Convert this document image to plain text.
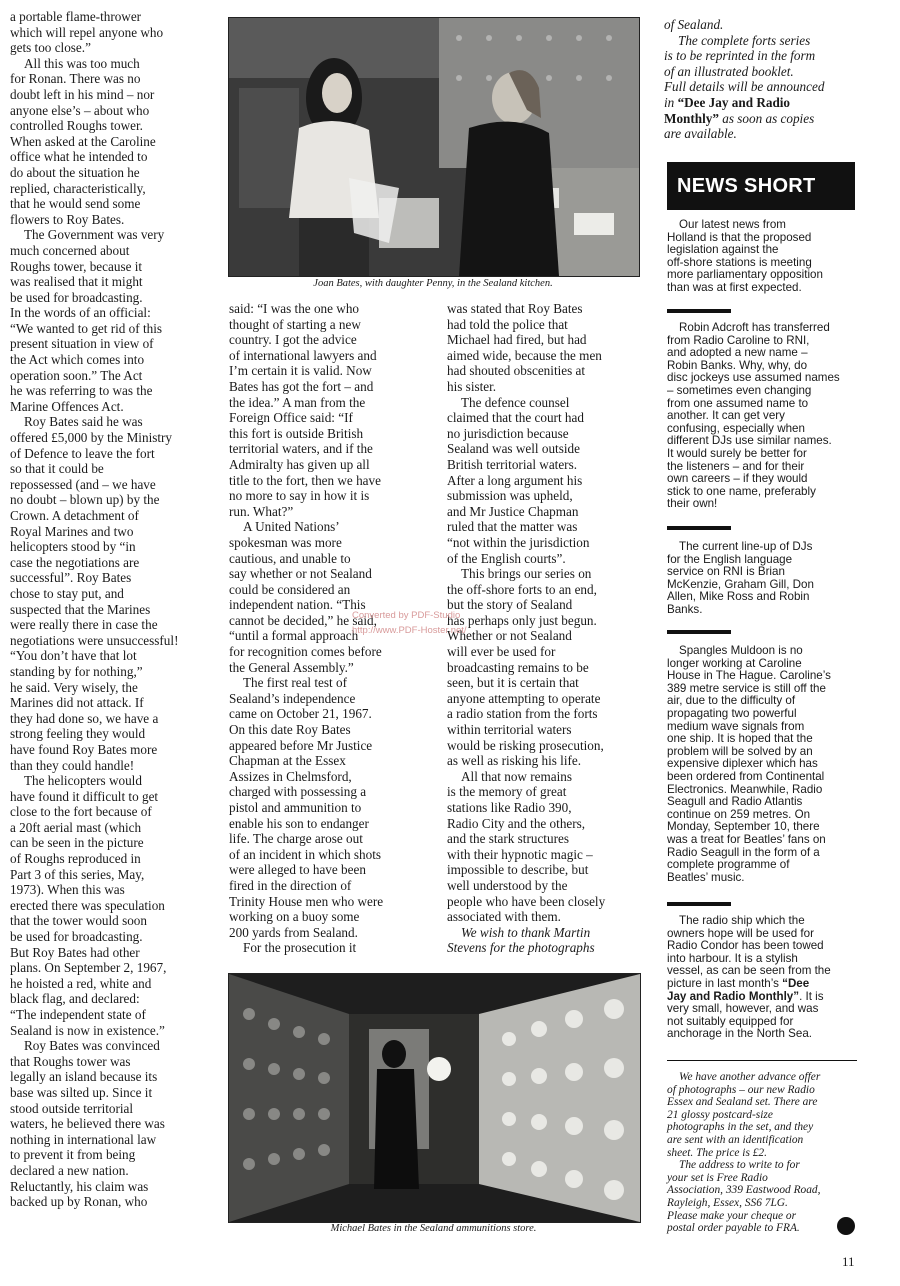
a portable flame-thrower
which will repel anyone who
gets too close.”

All this was too much
for Ronan. There was no
doubt left in his mind – nor
anyone else’s – about who
controlled Roughs tower.
When asked at the Caroline
office what he intended to
do about the situation he
replied, characteristically,
that he would send some
flowers to Roy Bates.

The Government was very
much concerned about
Roughs tower, because it
was realised that it might
be used for broadcasting.
In the words of an official:
“We wanted to get rid of this
present situation in view of
the Act which comes into
operation soon.” The Act
he was referring to was the
Marine Offences Act.

Roy Bates said he was
offered £5,000 by the Ministry
of Defence to leave the fort
so that it could be
repossessed (and – we have
no doubt – blown up) by the
Crown. A detachment of
Royal Marines and two
helicopters stood by “in
case the negotiations are
successful”. Roy Bates
chose to stay put, and
suspected that the Marines
were really there in case the
negotiations were unsuccessful!
“You don’t have that lot
standing by for nothing,”
he said. Very wisely, the
Marines did not attack. If
they had done so, we have a
strong feeling they would
have found Roy Bates more
than they could handle!

The helicopters would
have found it difficult to get
close to the fort because of
a 20ft aerial mast (which
can be seen in the picture
of Roughs reproduced in
Part 3 of this series, May,
1973). When this was
erected there was speculation
that the tower would soon
be used for broadcasting.
But Roy Bates had other
plans. On September 2, 1967,
he hoisted a red, white and
black flag, and declared:
“The independent state of
Sealand is now in existence.”

Roy Bates was convinced
that Roughs tower was
legally an island because its
base was silted up. Since it
stood outside territorial
waters, he believed there was
nothing in international law
to prevent it from being
declared a new nation.
Reluctantly, his claim was
backed up by Ronan, who

Joan Bates, with daughter Penny, in the Sealand kitchen.

said: “I was the one who
thought of starting a new
country. I got the advice
of international lawyers and
I’m certain it is valid. Now
Bates has got the fort – and
the idea.” A man from the
Foreign Office said: “If
this fort is outside British
territorial waters, and if the
Admiralty has given up all
title to the fort, then we have
no more to say in how it is
run. What?”

A United Nations’
spokesman was more
cautious, and unable to
say whether or not Sealand
could be considered an
independent nation. “This
cannot be decided,” he said,
“until a formal approach
for recognition comes before
the General Assembly.”

The first real test of
Sealand’s independence
came on October 21, 1967.
On this date Roy Bates
appeared before Mr Justice
Chapman at the Essex
Assizes in Chelmsford,
charged with possessing a
pistol and ammunition to
enable his son to endanger
life. The charge arose out
of an incident in which shots
were alleged to have been
fired in the direction of
Trinity House men who were
working on a buoy some
200 yards from Sealand.

For the prosecution it

was stated that Roy Bates
had told the police that
Michael had fired, but had
aimed wide, because the men
had shouted obscenities at
his sister.

The defence counsel
claimed that the court had
no jurisdiction because
Sealand was well outside
British territorial waters.
After a long argument his
submission was upheld,
and Mr Justice Chapman
ruled that the matter was
“not within the jurisdiction
of the English courts”.

This brings our series on
the off-shore forts to an end,
but the story of Sealand
has perhaps only just begun.
Whether or not Sealand
will ever be used for
broadcasting remains to be
seen, but it is certain that
anyone attempting to operate
a radio station from the forts
within territorial waters
would be risking prosecution,
as well as risking his life.

All that now remains
is the memory of great
stations like Radio 390,
Radio City and the others,
and the stark structures
with their hypnotic magic –
impossible to describe, but
well understood by the
people who have been closely
associated with them.

We wish to thank Martin
Stevens for the photographs

Converted by PDF-Studio
http://www.PDF-Hoster.net/
Michael Bates in the Sealand ammunitions store.

of Sealand.

The complete forts series
is to be reprinted in the form
of an illustrated booklet.
Full details will be announced
in “Dee Jay and Radio
Monthly” as soon as copies
are available.

NEWS SHORT

Our latest news from
Holland is that the proposed
legislation against the
off-shore stations is meeting
more parliamentary opposition
than was at first expected.

Robin Adcroft has transferred
from Radio Caroline to RNI,
and adopted a new name –
Robin Banks. Why, why, do
disc jockeys use assumed names
– sometimes even changing
from one assumed name to
another. It can get very
confusing, especially when
different DJs use similar names.
It would surely be better for
the listeners – and for their
own careers – if they would
stick to one name, preferably
their own!

The current line-up of DJs
for the English language
service on RNI is Brian
McKenzie, Graham Gill, Don
Allen, Mike Ross and Robin
Banks.

Spangles Muldoon is no
longer working at Caroline
House in The Hague. Caroline’s
389 metre service is still off the
air, due to the difficulty of
propagating two powerful
medium wave signals from
one ship. It is hoped that the
problem will be solved by an
expensive diplexer which has
been ordered from Continental
Electronics. Meanwhile, Radio
Seagull and Radio Atlantis
continue on 259 metres. On
Monday, September 10, there
was a treat for Beatles’ fans on
Radio Seagull in the form of a
complete programme of
Beatles’ music.

The radio ship which the
owners hope will be used for
Radio Condor has been towed
into harbour. It is a stylish
vessel, as can be seen from the
picture in last month’s “Dee
Jay and Radio Monthly”. It is
very small, however, and was
not suitably equipped for
anchorage in the North Sea.

We have another advance offer
of photographs – our new Radio
Essex and Sealand set. There are
21 glossy postcard-size
photographs in the set, and they
are sent with an identification
sheet. The price is £2.

The address to write to for
your set is Free Radio
Association, 339 Eastwood Road,
Rayleigh, Essex, SS6 7LG.
Please make your cheque or
postal order payable to FRA.

11
